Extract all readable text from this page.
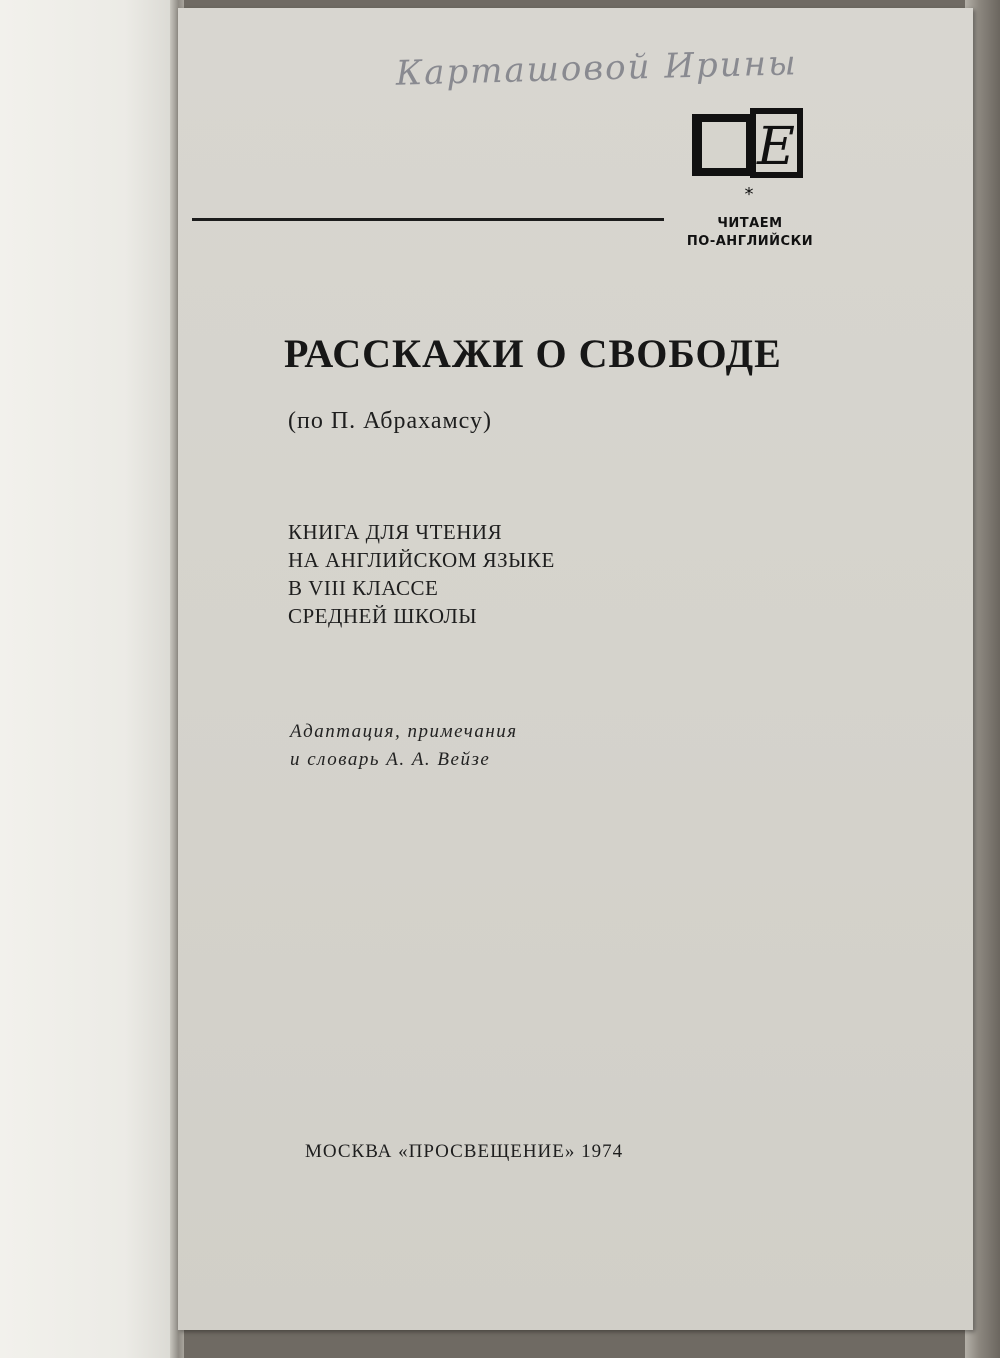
Карташовой Ирины
E
*
ЧИТАЕМ
ПО-АНГЛИЙСКИ
РАССКАЖИ О СВОБОДЕ
(по П. Абрахамсу)
КНИГА ДЛЯ ЧТЕНИЯ
НА АНГЛИЙСКОМ ЯЗЫКЕ
В VIII КЛАССЕ
СРЕДНЕЙ ШКОЛЫ
Адаптация, примечания
и словарь А. А. Вейзе
МОСКВА «ПРОСВЕЩЕНИЕ» 1974
